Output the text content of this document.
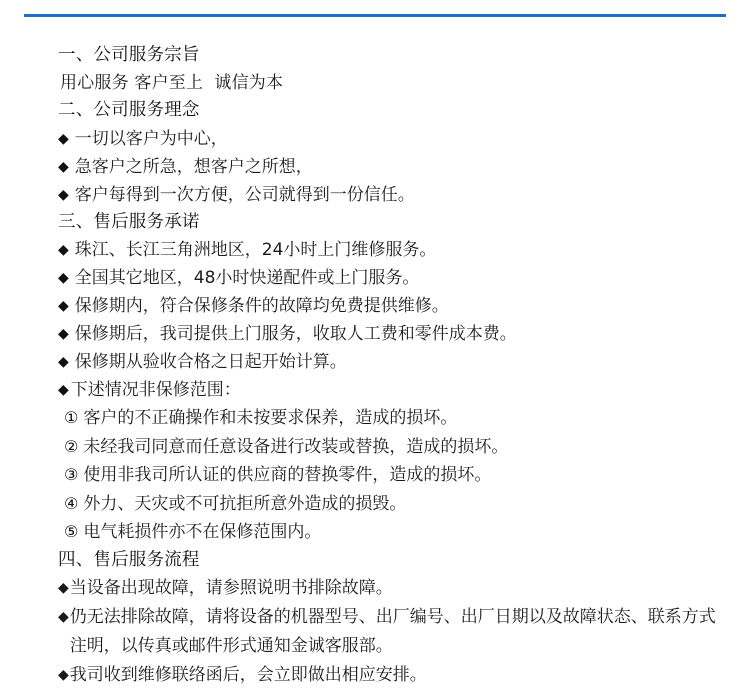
一、公司服务宗旨
用心服务 客户至上  诚信为本
二、公司服务理念
◆ 一切以客户为中心，
◆ 急客户之所急，想客户之所想，
◆ 客户每得到一次方便，公司就得到一份信任。
三、售后服务承诺
◆ 珠江、长江三角洲地区，24小时上门维修服务。
◆ 全国其它地区，48小时快递配件或上门服务。
◆ 保修期内，符合保修条件的故障均免费提供维修。
◆ 保修期后，我司提供上门服务，收取人工费和零件成本费。
◆ 保修期从验收合格之日起开始计算。
◆ 下述情况非保修范围：
① 客户的不正确操作和未按要求保养，造成的损坏。
② 未经我司同意而任意设备进行改装或替换，造成的损坏。
③ 使用非我司所认证的供应商的替换零件，造成的损坏。
④ 外力、天灾或不可抗拒所意外造成的损毁。
⑤ 电气耗损件亦不在保修范围内。
四、售后服务流程
◆ 当设备出现故障，请参照说明书排除故障。
◆ 仍无法排除故障，请将设备的机器型号、出厂编号、出厂日期以及故障状态、联系方式注明，以传真或邮件形式通知金诚客服部。
◆ 我司收到维修联络函后，会立即做出相应安排。
